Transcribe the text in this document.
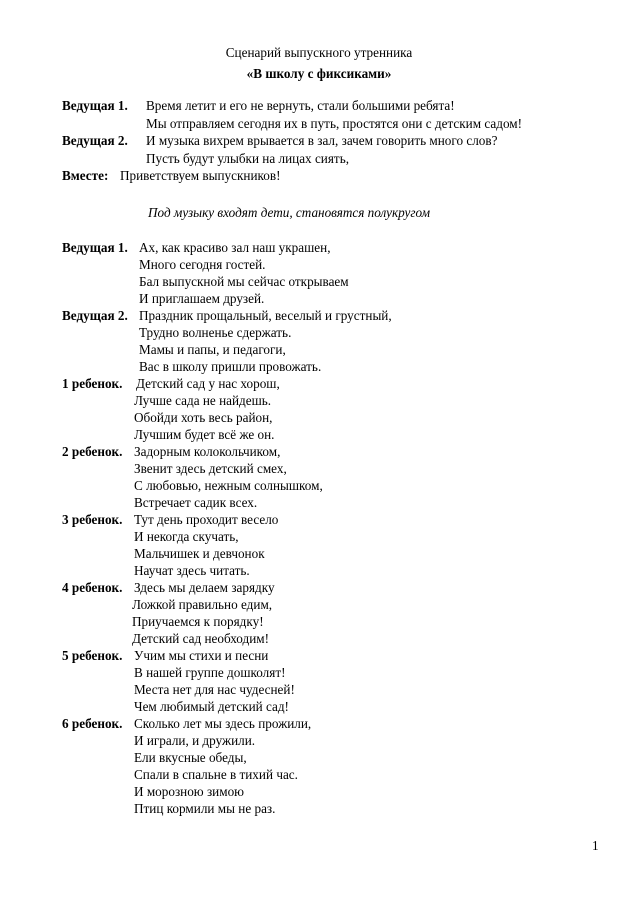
Сценарий выпускного утренника
«В школу с фиксиками»
Ведущая 1. Время летит и его не вернуть, стали большими ребята!
Мы отправляем сегодня их в путь, простятся они с детским садом!
Ведущая 2. И музыка вихрем врывается в зал, зачем говорить много слов?
Пусть будут улыбки на лицах сиять,
Вместе: Приветствуем выпускников!
Под музыку входят дети, становятся полукругом
Ведущая 1. Ах, как красиво зал наш украшен,
Много сегодня гостей.
Бал выпускной мы сейчас открываем
И приглашаем друзей.
Ведущая 2. Праздник прощальный, веселый и грустный,
Трудно волненье сдержать.
Мамы и папы, и педагоги,
Вас в школу пришли провожать.
1 ребенок. Детский сад у нас хорош,
Лучше сада не найдешь.
Обойди хоть весь район,
Лучшим будет всё же он.
2 ребенок. Задорным колокольчиком,
Звенит здесь детский смех,
С любовью, нежным солнышком,
Встречает садик всех.
3 ребенок. Тут день проходит весело
И некогда скучать,
Мальчишек и девчонок
Научат здесь читать.
4 ребенок. Здесь мы делаем зарядку
Ложкой правильно едим,
Приучаемся к порядку!
Детский сад необходим!
5 ребенок. Учим мы стихи и песни
В нашей группе дошколят!
Места нет для нас чудесней!
Чем любимый детский сад!
6 ребенок. Сколько лет мы здесь прожили,
И играли, и дружили.
Ели вкусные обеды,
Спали в спальне в тихий час.
И морозною зимою
Птиц кормили мы не раз.
1
